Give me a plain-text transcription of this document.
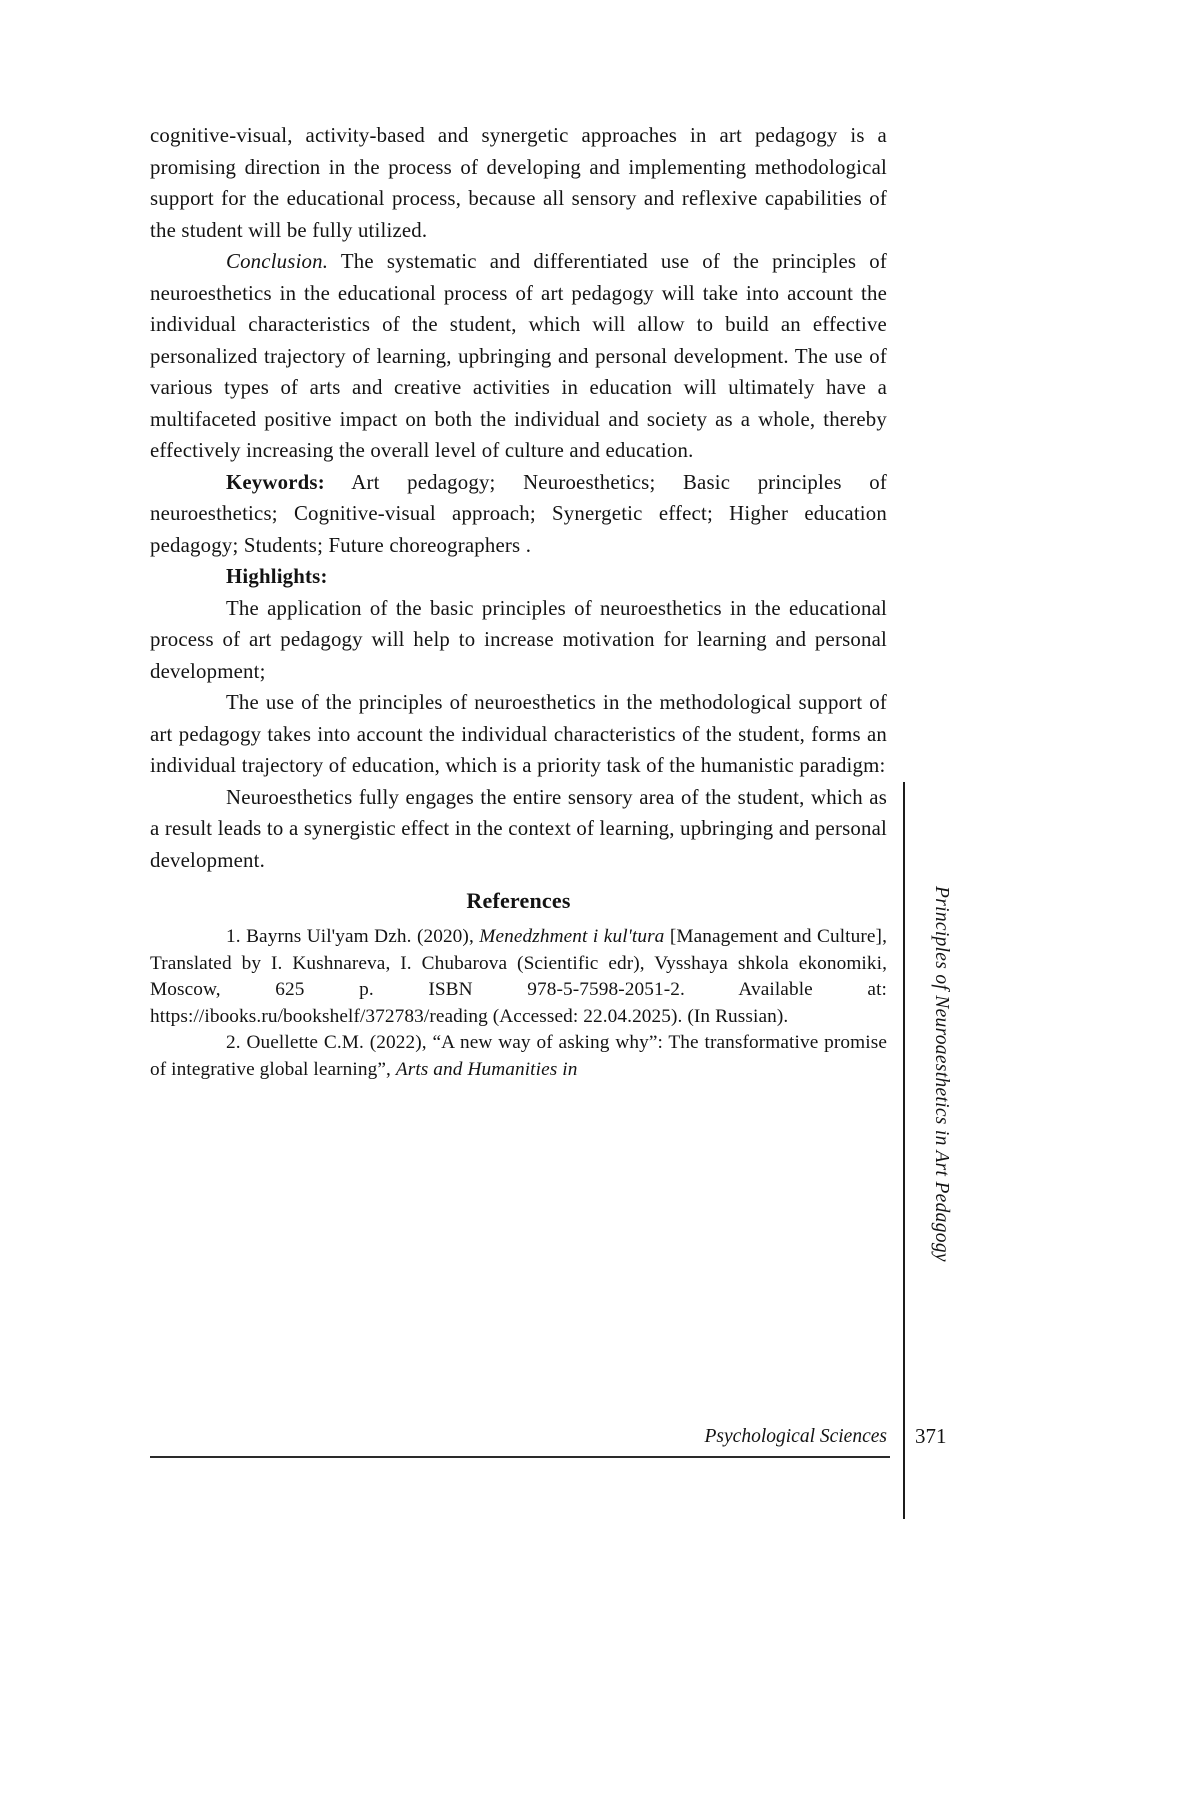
cognitive-visual, activity-based and synergetic approaches in art pedagogy is a promising direction in the process of developing and implementing methodological support for the educational process, because all sensory and reflexive capabilities of the student will be fully utilized.

Conclusion. The systematic and differentiated use of the principles of neuroesthetics in the educational process of art pedagogy will take into account the individual characteristics of the student, which will allow to build an effective personalized trajectory of learning, upbringing and personal development. The use of various types of arts and creative activities in education will ultimately have a multifaceted positive impact on both the individual and society as a whole, thereby effectively increasing the overall level of culture and education.

Keywords: Art pedagogy; Neuroesthetics; Basic principles of neuroesthetics; Cognitive-visual approach; Synergetic effect; Higher education pedagogy; Students; Future choreographers .

Highlights:

The application of the basic principles of neuroesthetics in the educational process of art pedagogy will help to increase motivation for learning and personal development;

The use of the principles of neuroesthetics in the methodological support of art pedagogy takes into account the individual characteristics of the student, forms an individual trajectory of education, which is a priority task of the humanistic paradigm:

Neuroesthetics fully engages the entire sensory area of the student, which as a result leads to a synergistic effect in the context of learning, upbringing and personal development.

References

1. Bayrns Uil'yam Dzh. (2020), Menedzhment i kul'tura [Management and Culture], Translated by I. Kushnareva, I. Chubarova (Scientific edr), Vysshaya shkola ekonomiki, Moscow, 625 p. ISBN 978-5-7598-2051-2. Available at: https://ibooks.ru/bookshelf/372783/reading (Accessed: 22.04.2025). (In Russian).

2. Ouellette C.M. (2022), “A new way of asking why”: The transformative promise of integrative global learning”, Arts and Humanities in	Principles of Neuroaesthetics in Art Pedagogy
Psychological Sciences 371
